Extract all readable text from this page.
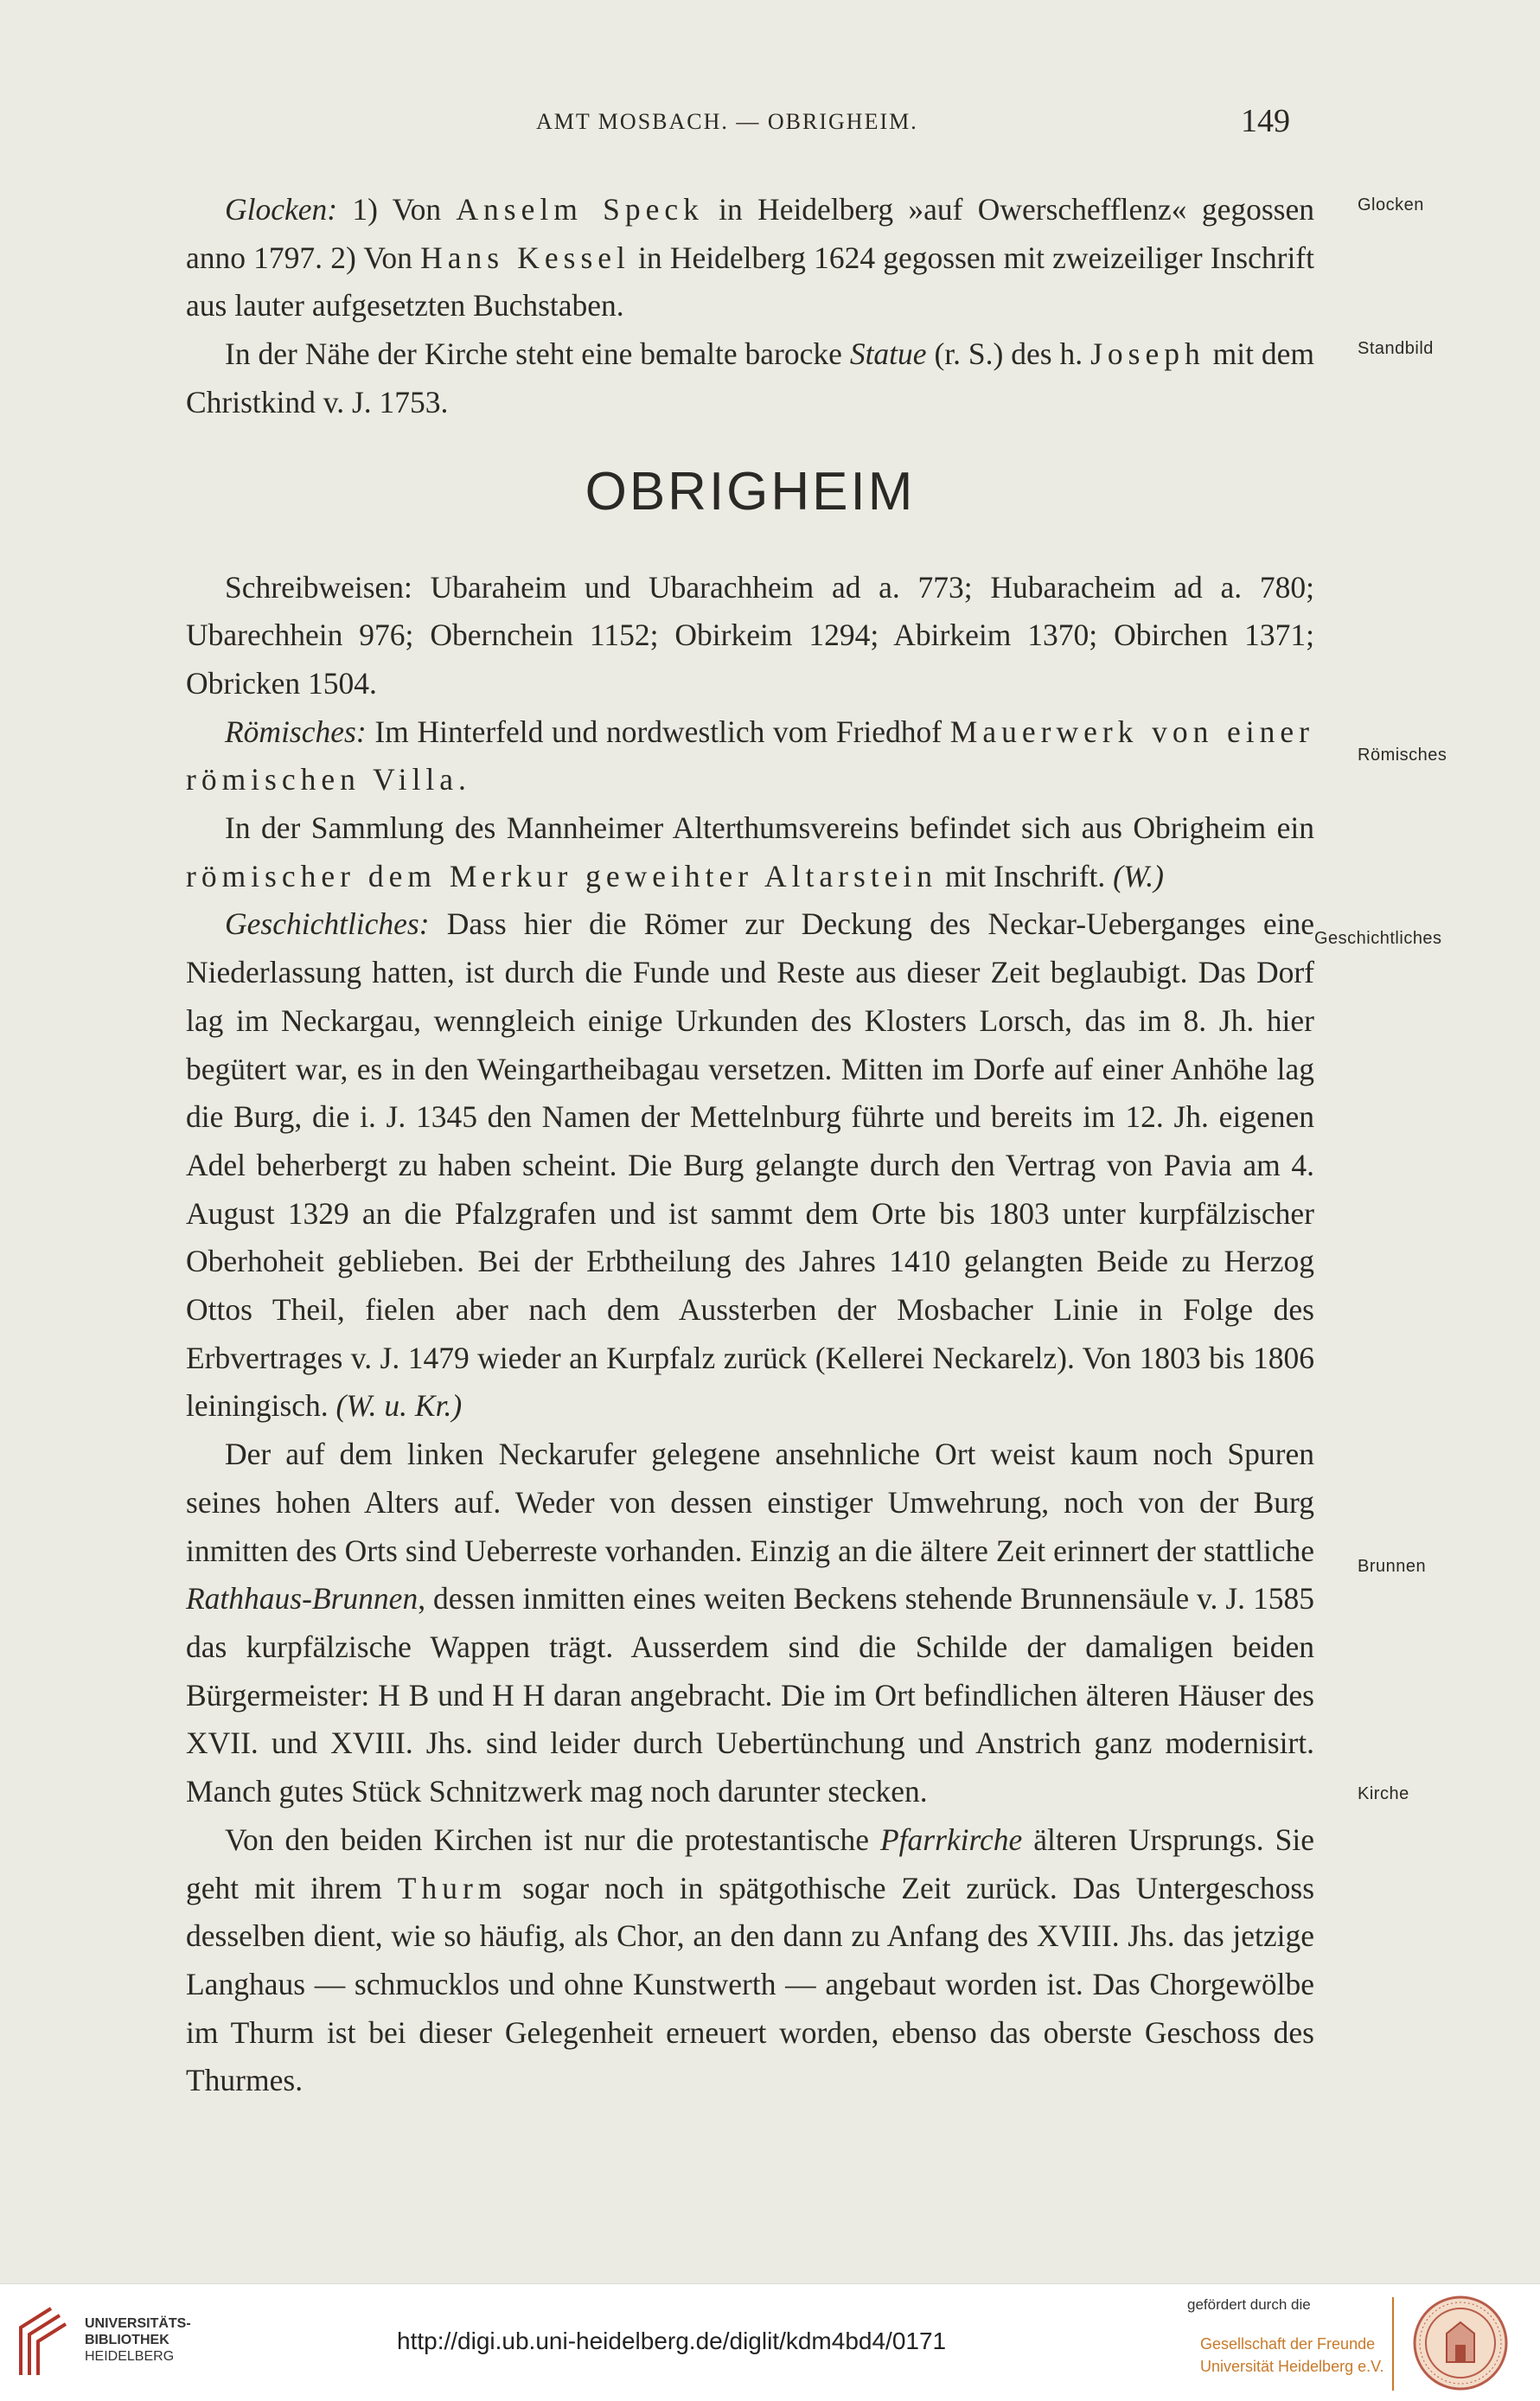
AMT MOSBACH. — OBRIGHEIM.	149

Glocken: 1) Von Anselm Speck in Heidelberg »auf Owerschefflenz« gegossen anno 1797. 2) Von Hans Kessel in Heidelberg 1624 gegossen mit zweizeiliger Inschrift aus lauter aufgesetzten Buchstaben.

In der Nähe der Kirche steht eine bemalte barocke Statue (r. S.) des h. Joseph mit dem Christkind v. J. 1753.

OBRIGHEIM

Schreibweisen: Ubaraheim und Ubarachheim ad a. 773; Hubaracheim ad a. 780; Ubarechhein 976; Obernchein 1152; Obirkeim 1294; Abirkeim 1370; Obirchen 1371; Obricken 1504.

Römisches: Im Hinterfeld und nordwestlich vom Friedhof Mauerwerk von einer römischen Villa.

In der Sammlung des Mannheimer Alterthumsvereins befindet sich aus Obrigheim ein römischer dem Merkur geweihter Altarstein mit Inschrift. (W.)

Geschichtliches: Dass hier die Römer zur Deckung des Neckar-Ueberganges eine Niederlassung hatten, ist durch die Funde und Reste aus dieser Zeit beglaubigt. Das Dorf lag im Neckargau, wenngleich einige Urkunden des Klosters Lorsch, das im 8. Jh. hier begütert war, es in den Weingartheibagau versetzen. Mitten im Dorfe auf einer Anhöhe lag die Burg, die i. J. 1345 den Namen der Mettelnburg führte und bereits im 12. Jh. eigenen Adel beherbergt zu haben scheint. Die Burg gelangte durch den Vertrag von Pavia am 4. August 1329 an die Pfalzgrafen und ist sammt dem Orte bis 1803 unter kurpfälzischer Oberhoheit geblieben. Bei der Erbtheilung des Jahres 1410 gelangten Beide zu Herzog Ottos Theil, fielen aber nach dem Aussterben der Mosbacher Linie in Folge des Erbvertrages v. J. 1479 wieder an Kurpfalz zurück (Kellerei Neckarelz). Von 1803 bis 1806 leiningisch. (W. u. Kr.)

Der auf dem linken Neckarufer gelegene ansehnliche Ort weist kaum noch Spuren seines hohen Alters auf. Weder von dessen einstiger Umwehrung, noch von der Burg inmitten des Orts sind Ueberreste vorhanden. Einzig an die ältere Zeit erinnert der stattliche Rathhaus-Brunnen, dessen inmitten eines weiten Beckens stehende Brunnensäule v. J. 1585 das kurpfälzische Wappen trägt. Ausserdem sind die Schilde der damaligen beiden Bürgermeister: H B und H H daran angebracht. Die im Ort befindlichen älteren Häuser des XVII. und XVIII. Jhs. sind leider durch Uebertünchung und Anstrich ganz modernisirt. Manch gutes Stück Schnitzwerk mag noch darunter stecken.

Von den beiden Kirchen ist nur die protestantische Pfarrkirche älteren Ursprungs. Sie geht mit ihrem Thurm sogar noch in spätgothische Zeit zurück. Das Untergeschoss desselben dient, wie so häufig, als Chor, an den dann zu Anfang des XVIII. Jhs. das jetzige Langhaus — schmucklos und ohne Kunstwerth — angebaut worden ist. Das Chorgewölbe im Thurm ist bei dieser Gelegenheit erneuert worden, ebenso das oberste Geschoss des Thurmes.

Glocken
Standbild
Römisches
Geschichtliches
Brunnen
Kirche
UNIVERSITÄTS-
BIBLIOTHEK
HEIDELBERG
http://digi.ub.uni-heidelberg.de/diglit/kdm4bd4/0171
gefördert durch die
Gesellschaft der Freunde
Universität Heidelberg e.V.
